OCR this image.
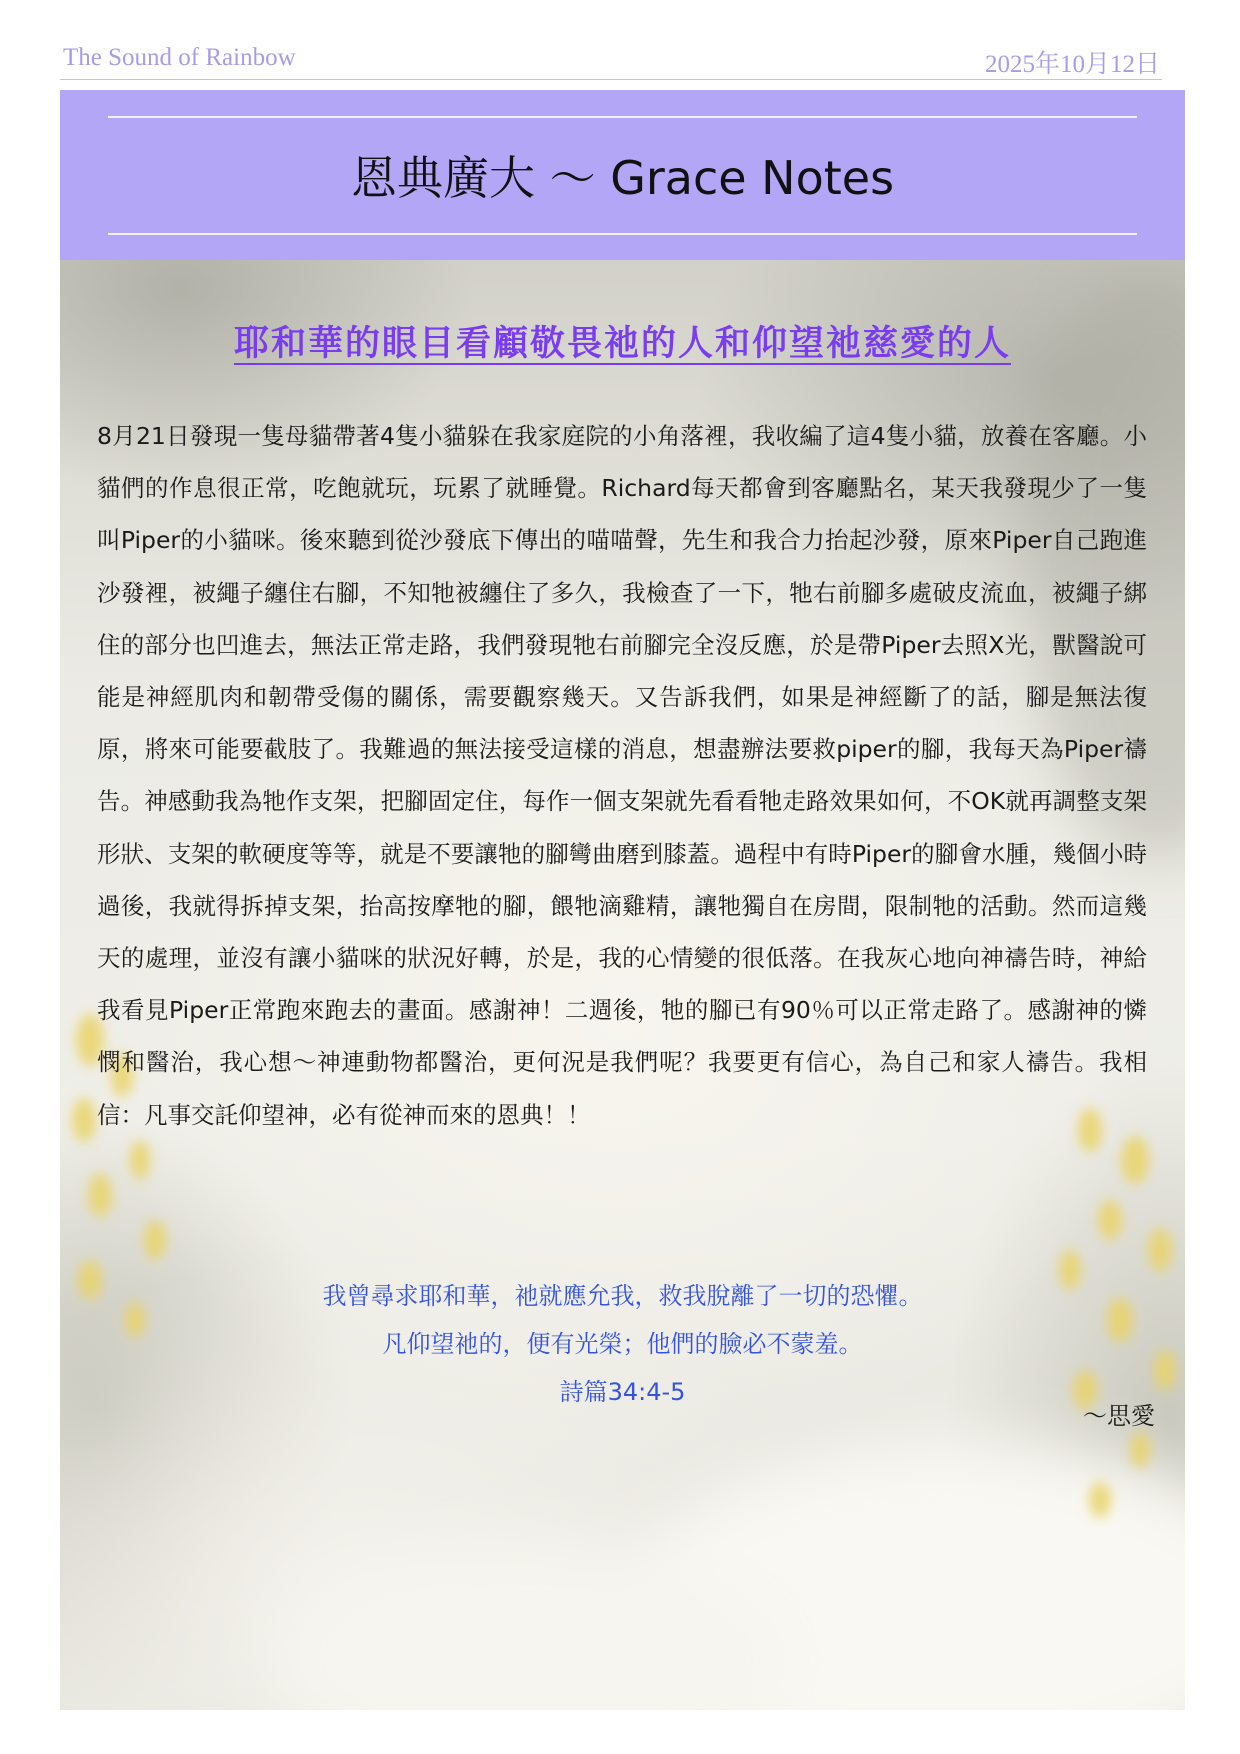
The Sound of Rainbow	2025年10月12日
恩典廣大 ～ Grace Notes
耶和華的眼目看顧敬畏祂的人和仰望祂慈愛的人
8月21日發現一隻母貓帶著4隻小貓躲在我家庭院的小角落裡，我收編了這4隻小貓，放養在客廳。小貓們的作息很正常，吃飽就玩，玩累了就睡覺。Richard每天都會到客廳點名，某天我發現少了一隻叫Piper的小貓咪。後來聽到從沙發底下傳出的喵喵聲，先生和我合力抬起沙發，原來Piper自己跑進沙發裡，被繩子纏住右腳，不知牠被纏住了多久，我檢查了一下，牠右前腳多處破皮流血，被繩子綁住的部分也凹進去，無法正常走路，我們發現牠右前腳完全沒反應，於是帶Piper去照X光，獸醫說可能是神經肌肉和韌帶受傷的關係，需要觀察幾天。又告訴我們，如果是神經斷了的話，腳是無法復原，將來可能要截肢了。我難過的無法接受這樣的消息，想盡辦法要救piper的腳，我每天為Piper禱告。神感動我為牠作支架，把腳固定住，每作一個支架就先看看牠走路效果如何，不OK就再調整支架形狀、支架的軟硬度等等，就是不要讓牠的腳彎曲磨到膝蓋。過程中有時Piper的腳會水腫，幾個小時過後，我就得拆掉支架，抬高按摩牠的腳，餵牠滴雞精，讓牠獨自在房間，限制牠的活動。然而這幾天的處理，並沒有讓小貓咪的狀況好轉，於是，我的心情變的很低落。在我灰心地向神禱告時，神給我看見Piper正常跑來跑去的畫面。感謝神！二週後，牠的腳已有90％可以正常走路了。感謝神的憐憫和醫治，我心想～神連動物都醫治，更何況是我們呢？我要更有信心，為自己和家人禱告。我相信：凡事交託仰望神，必有從神而來的恩典！！
我曾尋求耶和華，祂就應允我，救我脫離了一切的恐懼。
凡仰望祂的，便有光榮；他們的臉必不蒙羞。
詩篇34:4-5
～思愛
